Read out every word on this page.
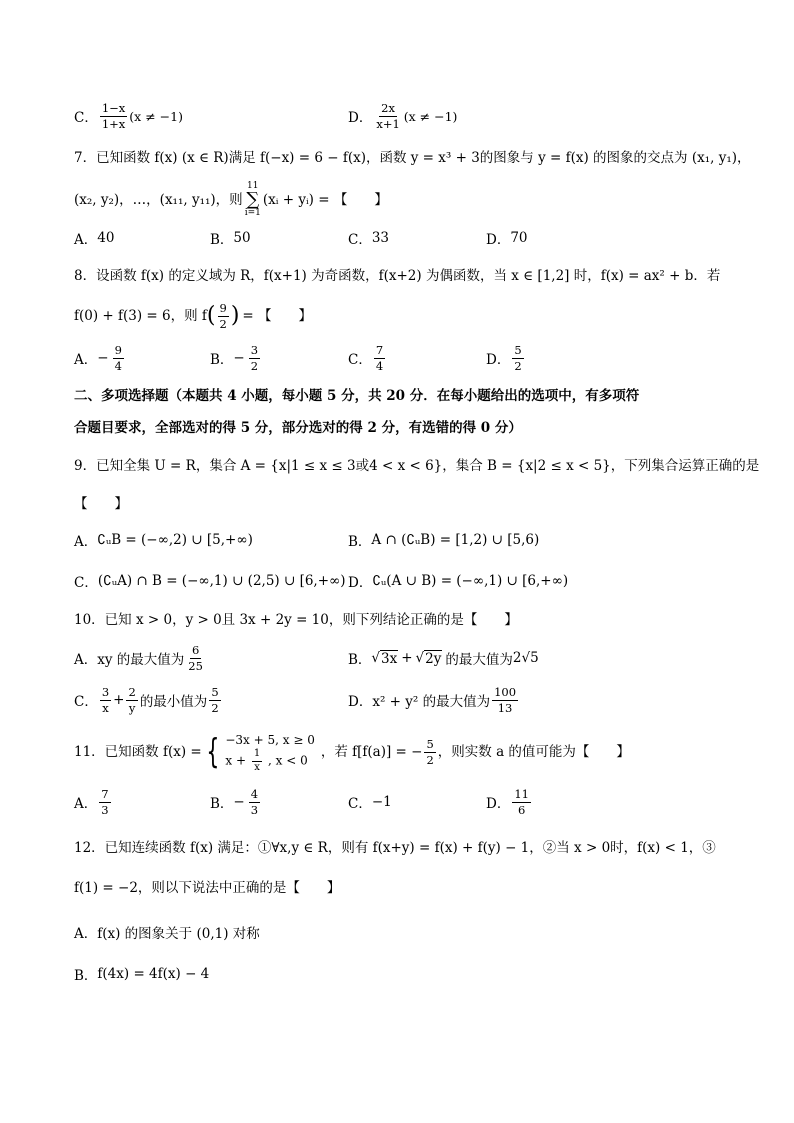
C． $\frac{1-x}{1+x} (x \ne -1)$	D． $\frac{2x}{x+1} (x \ne -1)$
7．已知函数 f(x) (x ∈ R)满足 f(−x) = 6 − f(x)，函数 y = x³ + 3的图象与 y = f(x) 的图象的交点为 (x₁, y₁)，
(x₂, y₂)，…，(x₁₁, y₁₁)，则
11
∑
i=1
(xᵢ + yᵢ) = 【　　】
A． 40	B． 50	C． 33	D． 70
8．设函数 f(x) 的定义域为 R，f(x+1) 为奇函数，f(x+2) 为偶函数，当 x ∈ [1,2] 时，f(x) = ax² + b．若
f(0) + f(3) = 6，则 f ( $\frac{9}{2}$ ) = 【　　】
A． − $\frac{9}{4}$	B． − $\frac{3}{2}$	C． $\frac{7}{4}$	D． $\frac{5}{2}$
二、多项选择题（本题共 4 小题，每小题 5 分，共 20 分．在每小题给出的选项中，有多项符
合题目要求，全部选对的得 5 分，部分选对的得 2 分，有选错的得 0 分）
9．已知全集 U = R，集合 A = {x|1 ≤ x ≤ 3或4 < x < 6}，集合 B = {x|2 ≤ x < 5}，下列集合运算正确的是
【　　】
A． ∁ᵤB = (−∞,2) ∪ [5,+∞)	B． A ∩ (∁ᵤB) = [1,2) ∪ [5,6)
C． (∁ᵤA) ∩ B = (−∞,1) ∪ (2,5) ∪ [6,+∞) D． ∁ᵤ(A ∪ B) = (−∞,1) ∪ [6,+∞)
10．已知 x > 0，y > 0且 3x + 2y = 10，则下列结论正确的是【　　】
A． xy 的最大值为 $\frac{6}{25}$	B． √ 3x + √ 2y 的最大值为 2√5
C． $\frac{3}{x} + \frac{2}{y}$ 的最小值为 $\frac{5}{2}$	D． x² + y² 的最大值为 $\frac{100}{13}$
11．已知函数 f(x) = { −3x + 5, x ≥ 0
$x + \frac{1}{x}$ , x < 0
，若 f[f(a)] = − $\frac{5}{2}$ ，则实数 a 的值可能为【　　】
A． $\frac{7}{3}$	B． − $\frac{4}{3}$	C． −1	D． $\frac{11}{6}$
12．已知连续函数 f(x) 满足：①∀x,y ∈ R，则有 f(x+y) = f(x) + f(y) − 1，②当 x > 0时，f(x) < 1，③
f(1) = −2，则以下说法中正确的是【　　】
A． f(x) 的图象关于 (0,1) 对称
B． f(4x) = 4f(x) − 4
